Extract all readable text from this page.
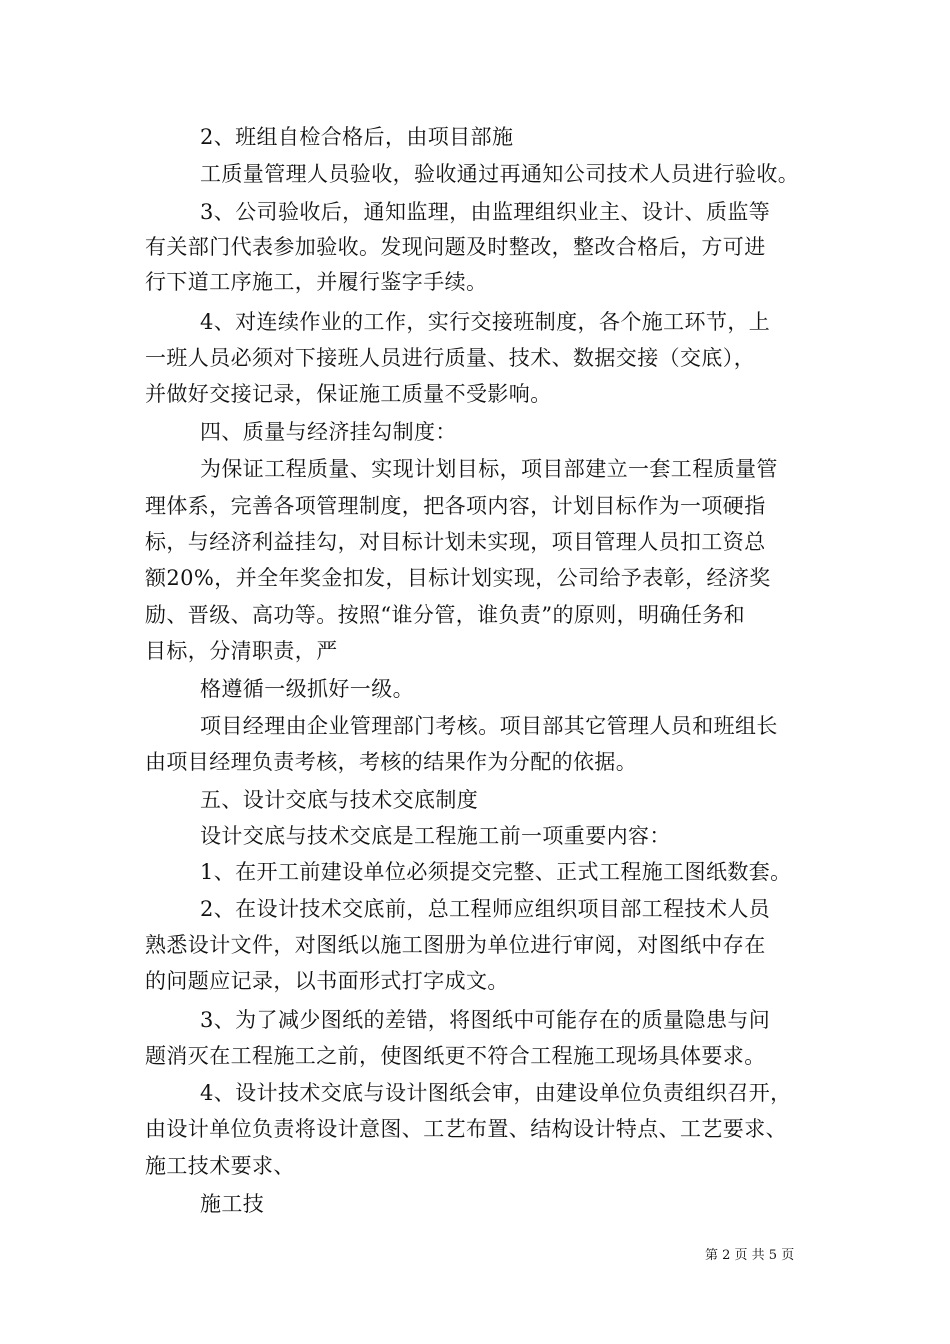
2、班组自检合格后，由项目部施
工质量管理人员验收，验收通过再通知公司技术人员进行验收。
3、公司验收后，通知监理，由监理组织业主、设计、质监等
有关部门代表参加验收。发现问题及时整改，整改合格后，方可进
行下道工序施工，并履行鉴字手续。
4、对连续作业的工作，实行交接班制度，各个施工环节，上
一班人员必须对下接班人员进行质量、技术、数据交接（交底），
并做好交接记录，保证施工质量不受影响。
四、质量与经济挂勾制度：
为保证工程质量、实现计划目标，项目部建立一套工程质量管
理体系，完善各项管理制度，把各项内容，计划目标作为一项硬指
标，与经济利益挂勾，对目标计划未实现，项目管理人员扣工资总
额20%，并全年奖金扣发，目标计划实现，公司给予表彰，经济奖
励、晋级、高功等。按照“谁分管，谁负责”的原则，明确任务和
目标，分清职责，严
格遵循一级抓好一级。
项目经理由企业管理部门考核。项目部其它管理人员和班组长
由项目经理负责考核，考核的结果作为分配的依据。
五、设计交底与技术交底制度
设计交底与技术交底是工程施工前一项重要内容：
1、在开工前建设单位必须提交完整、正式工程施工图纸数套。
2、在设计技术交底前，总工程师应组织项目部工程技术人员
熟悉设计文件，对图纸以施工图册为单位进行审阅，对图纸中存在
的问题应记录，以书面形式打字成文。
3、为了减少图纸的差错，将图纸中可能存在的质量隐患与问
题消灭在工程施工之前，使图纸更不符合工程施工现场具体要求。
4、设计技术交底与设计图纸会审，由建设单位负责组织召开，
由设计单位负责将设计意图、工艺布置、结构设计特点、工艺要求、
施工技术要求、
施工技
第 2 页 共 5 页
